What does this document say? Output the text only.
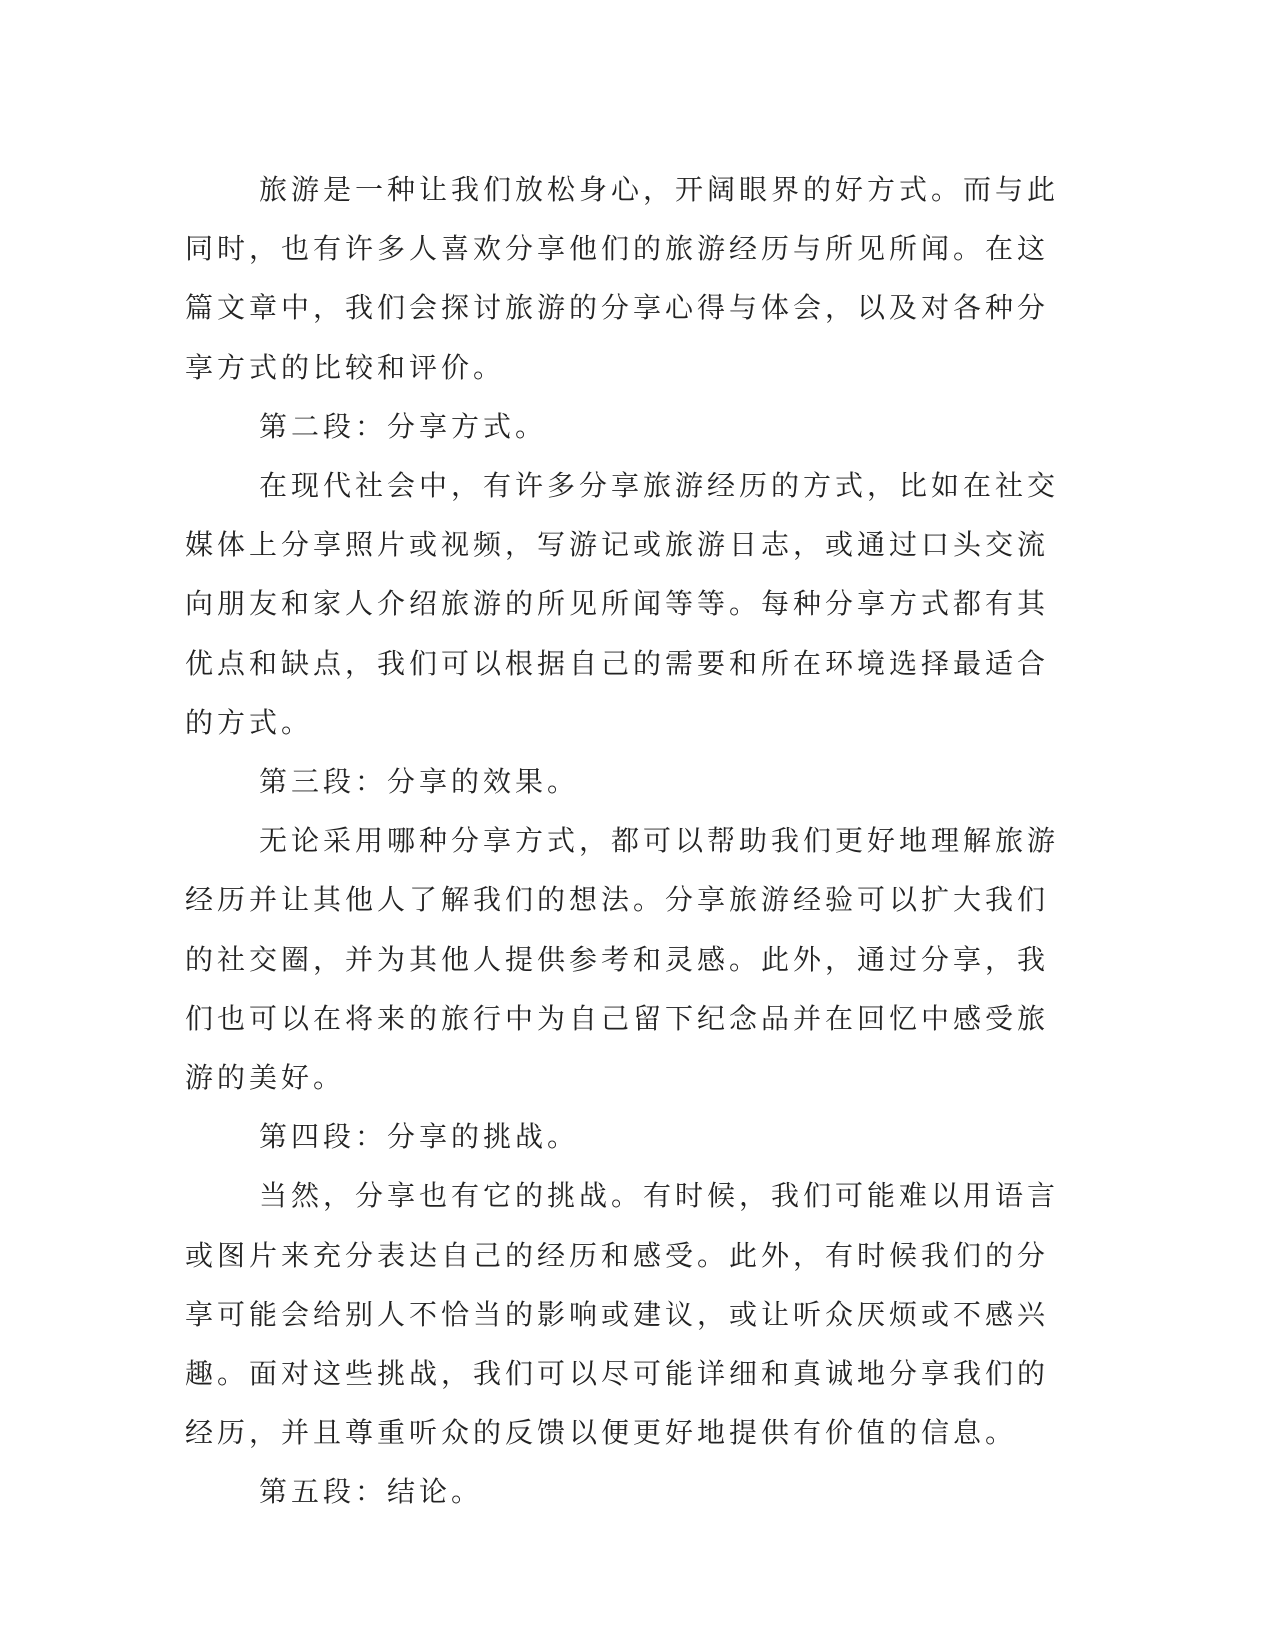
旅游是一种让我们放松身心，开阔眼界的好方式。而与此同时，也有许多人喜欢分享他们的旅游经历与所见所闻。在这篇文章中，我们会探讨旅游的分享心得与体会，以及对各种分享方式的比较和评价。

第二段：分享方式。

在现代社会中，有许多分享旅游经历的方式，比如在社交媒体上分享照片或视频，写游记或旅游日志，或通过口头交流向朋友和家人介绍旅游的所见所闻等等。每种分享方式都有其优点和缺点，我们可以根据自己的需要和所在环境选择最适合的方式。

第三段：分享的效果。

无论采用哪种分享方式，都可以帮助我们更好地理解旅游经历并让其他人了解我们的想法。分享旅游经验可以扩大我们的社交圈，并为其他人提供参考和灵感。此外，通过分享，我们也可以在将来的旅行中为自己留下纪念品并在回忆中感受旅游的美好。

第四段：分享的挑战。

当然，分享也有它的挑战。有时候，我们可能难以用语言或图片来充分表达自己的经历和感受。此外，有时候我们的分享可能会给别人不恰当的影响或建议，或让听众厌烦或不感兴趣。面对这些挑战，我们可以尽可能详细和真诚地分享我们的经历，并且尊重听众的反馈以便更好地提供有价值的信息。

第五段：结论。
